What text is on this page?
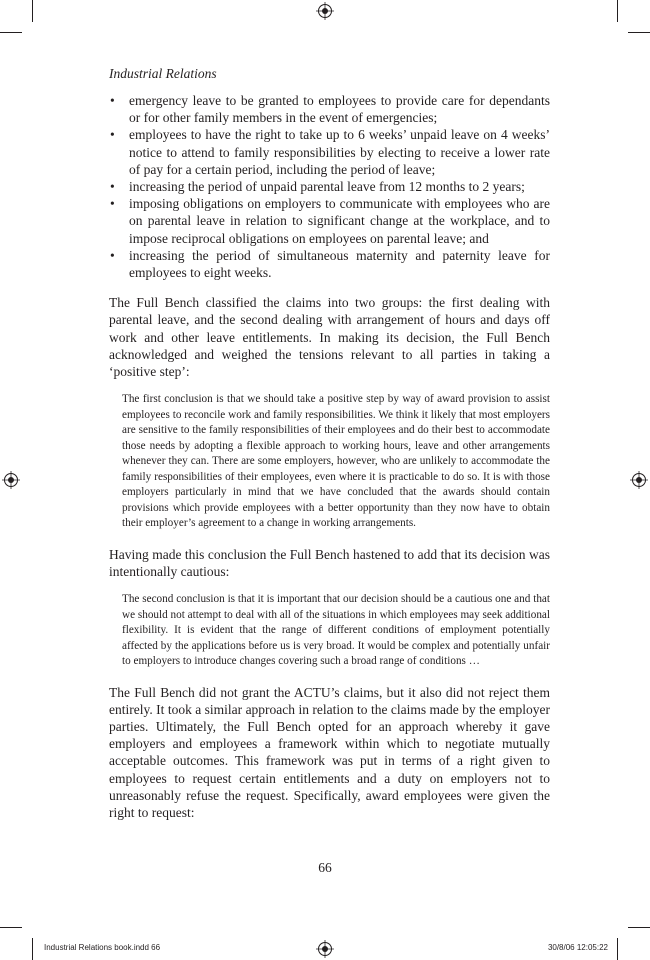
Industrial Relations
• emergency leave to be granted to employees to provide care for dependants or for other family members in the event of emergencies;
• employees to have the right to take up to 6 weeks’ unpaid leave on 4 weeks’ notice to attend to family responsibilities by electing to receive a lower rate of pay for a certain period, including the period of leave;
• increasing the period of unpaid parental leave from 12 months to 2 years;
• imposing obligations on employers to communicate with employees who are on parental leave in relation to significant change at the workplace, and to impose reciprocal obligations on employees on parental leave; and
• increasing the period of simultaneous maternity and paternity leave for employees to eight weeks.

The Full Bench classified the claims into two groups: the first dealing with parental leave, and the second dealing with arrangement of hours and days off work and other leave entitlements. In making its decision, the Full Bench acknowledged and weighed the tensions relevant to all parties in taking a ‘positive step’:

The first conclusion is that we should take a positive step by way of award provision to assist employees to reconcile work and family responsibilities. We think it likely that most employers are sensitive to the family responsibilities of their employees and do their best to accommodate those needs by adopting a flexible approach to working hours, leave and other arrangements whenever they can. There are some employers, however, who are unlikely to accommodate the family responsibilities of their employees, even where it is practicable to do so. It is with those employers particularly in mind that we have concluded that the awards should contain provisions which provide employees with a better opportunity than they now have to obtain their employer’s agreement to a change in working arrangements.

Having made this conclusion the Full Bench hastened to add that its decision was intentionally cautious:

The second conclusion is that it is important that our decision should be a cautious one and that we should not attempt to deal with all of the situations in which employees may seek additional flexibility. It is evident that the range of different conditions of employment potentially affected by the applications before us is very broad. It would be complex and potentially unfair to employers to introduce changes covering such a broad range of conditions …

The Full Bench did not grant the ACTU’s claims, but it also did not reject them entirely. It took a similar approach in relation to the claims made by the employer parties. Ultimately, the Full Bench opted for an approach whereby it gave employers and employees a framework within which to negotiate mutually acceptable outcomes. This framework was put in terms of a right given to employees to request certain entitlements and a duty on employers not to unreasonably refuse the request. Specifically, award employees were given the right to request:

66
Industrial Relations book.indd 66	30/8/06 12:05:22
